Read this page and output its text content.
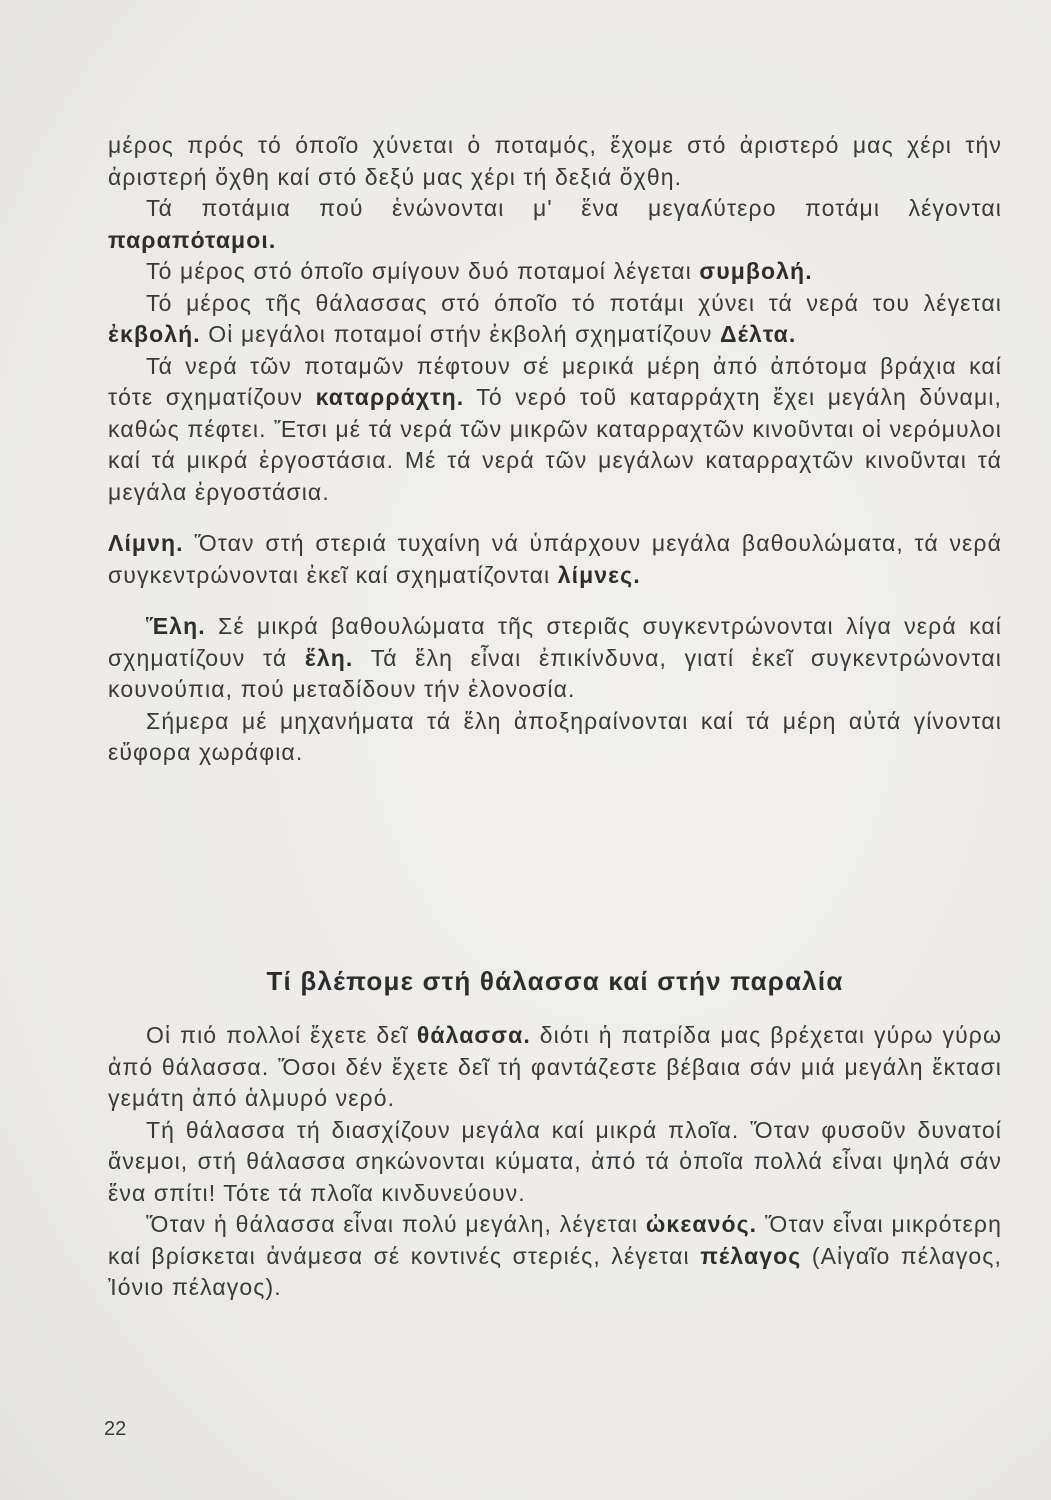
μέρος πρός τό όποῖο χύνεται ὁ ποταμός, ἔχομε στό ἀριστερό μας χέρι τήν ἀριστερή ὄχθη καί στό δεξύ μας χέρι τή δεξιά ὄχθη.

Τά ποτάμια πού ἑνώνονται μ' ἕνα μεγαʎύτερο ποτάμι λέγονται παραπόταμοι.

Τό μέρος στό όποῖο σμίγουν δυό ποταμοί λέγεται συμβολή.

Τό μέρος τῆς θάλασσας στό όποῖο τό ποτάμι χύνει τά νερά του λέγεται ἐκβολή. Οἱ μεγάλοι ποταμοί στήν ἐκβολή σχηματίζουν Δέλτα.

Τά νερά τῶν ποταμῶν πέφτουν σέ μερικά μέρη ἀπό ἀπότομα βράχια καί τότε σχηματίζουν καταρράχτη. Τό νερό τοῦ καταρράχτη ἔχει μεγάλη δύναμι, καθώς πέφτει. Ἔτσι μέ τά νερά τῶν μικρῶν καταρραχτῶν κινοῦνται οἱ νερόμυλοι καί τά μικρά ἐργοστάσια. Μέ τά νερά τῶν μεγάλων καταρραχτῶν κινοῦνται τά μεγάλα ἐργοστάσια.

Λίμνη. Ὅταν στή στεριά τυχαίνη νά ὑπάρχουν μεγάλα βαθουλώματα, τά νερά συγκεντρώνονται ἐκεῖ καί σχηματίζονται λίμνες.

Ἕλη. Σέ μικρά βαθουλώματα τῆς στεριᾶς συγκεντρώνονται λίγα νερά καί σχηματίζουν τά ἕλη. Τά ἕλη εἶναι ἐπικίνδυνα, γιατί ἐκεῖ συγκεντρώνονται κουνούπια, πού μεταδίδουν τήν ἑλονοσία.

Σήμερα μέ μηχανήματα τά ἕλη ἀποξηραίνονται καί τά μέρη αὐτά γίνονται εὔφορα χωράφια.

Τί βλέπομε στή θάλασσα καί στήν παραλία

Οἱ πιό πολλοί ἔχετε δεῖ θάλασσα. διότι ἡ πατρίδα μας βρέχεται γύρω γύρω ἀπό θάλασσα. Ὅσοι δέν ἔχετε δεῖ τή φαντάζεστε βέβαια σάν μιά μεγάλη ἔκτασι γεμάτη ἀπό ἁλμυρό νερό.

Τή θάλασσα τή διασχίζουν μεγάλα καί μικρά πλοῖα. Ὅταν φυσοῦν δυνατοί ἄνεμοι, στή θάλασσα σηκώνονται κύματα, ἀπό τά ὁποῖα πολλά εἶναι ψηλά σάν ἕνα σπίτι! Τότε τά πλοῖα κινδυνεύουν.

Ὅταν ἡ θάλασσα εἶναι πολύ μεγάλη, λέγεται ὠκεανός. Ὅταν εἶναι μικρότερη καί βρίσκεται ἀνάμεσα σέ κοντινές στεριές, λέγεται πέλαγος (Αἰγαῖο πέλαγος, Ἰόνιο πέλαγος).

22
